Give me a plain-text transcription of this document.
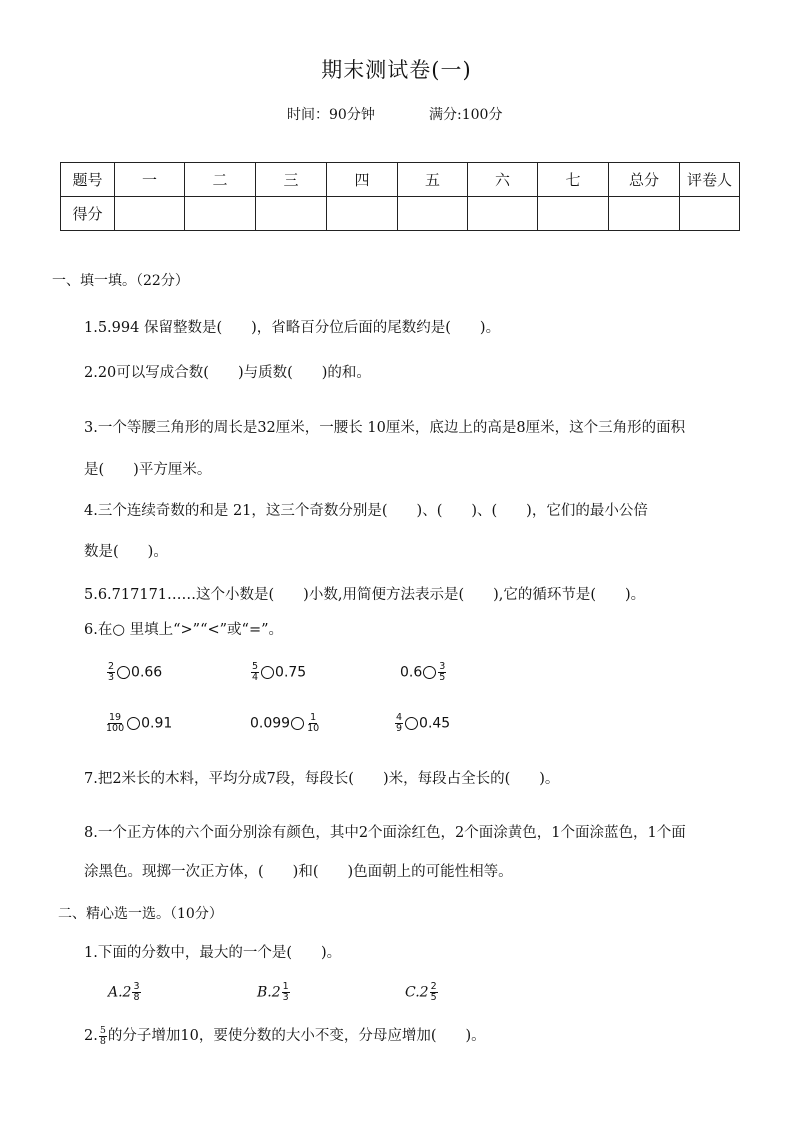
期末测试卷(一)
时间：90分钟	满分:100分
题号	一	二	三	四	五	六	七	总分	评卷人
得分									
一、填一填。（22分）
1.5.994 保留整数是(　　)，省略百分位后面的尾数约是(　　)。
2.20可以写成合数(　　)与质数(　　)的和。
3.一个等腰三角形的周长是32厘米，一腰长 10厘米，底边上的高是8厘米，这个三角形的面积
是(　　)平方厘米。
4.三个连续奇数的和是 21，这三个奇数分别是(　　)、(　　)、(　　)，它们的最小公倍
数是(　　)。
5.6.717171……这个小数是(　　)小数,用简便方法表示是(　　),它的循环节是(　　)。
6.在○ 里填上“>”“<”或“=”。
$\frac{2}{3} 0.66$	$\frac{5}{4} 0.75$	$0.6 \frac{3}{5}$
$\frac{19}{100} 0.91$	$0.099 \frac{1}{10}$	$\frac{4}{9} 0.45$
7.把2米长的木料，平均分成7段，每段长(　　)米，每段占全长的(　　)。
8.一个正方体的六个面分别涂有颜色，其中2个面涂红色，2个面涂黄色，1个面涂蓝色，1个面
涂黑色。现掷一次正方体，(　　)和(　　)色面朝上的可能性相等。
二、精心选一选。（10分）
1.下面的分数中，最大的一个是(　　)。
$A.2 \frac{3}{8}$	$B.2 \frac{1}{3}$	$C.2 \frac{2}{5}$
2. $\frac{5}{8}$ 的分子增加10，要使分数的大小不变，分母应增加(　　)。
